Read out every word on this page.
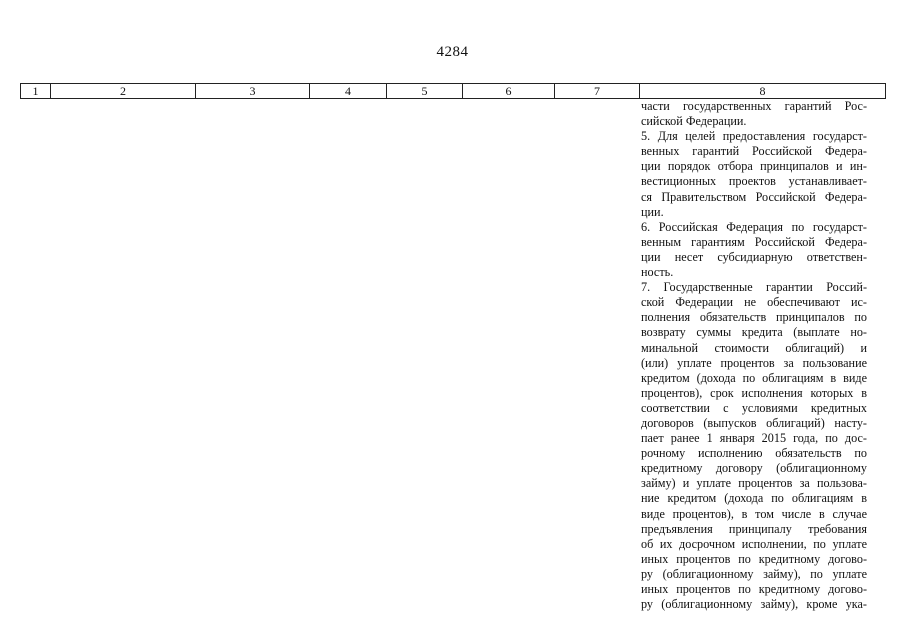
4284
1	2	3	4	5	6	7	8
части государственных гарантий Рос-
сийской Федерации.
5. Для целей предоставления государст-
венных гарантий Российской Федера-
ции порядок отбора принципалов и ин-
вестиционных проектов устанавливает-
ся Правительством Российской Федера-
ции.
6. Российская Федерация по государст-
венным гарантиям Российской Федера-
ции несет субсидиарную ответствен-
ность.
7. Государственные гарантии Россий-
ской Федерации не обеспечивают ис-
полнения обязательств принципалов по
возврату суммы кредита (выплате но-
минальной стоимости облигаций) и
(или) уплате процентов за пользование
кредитом (дохода по облигациям в виде
процентов), срок исполнения которых в
соответствии с условиями кредитных
договоров (выпусков облигаций) насту-
пает ранее 1 января 2015 года, по дос-
рочному исполнению обязательств по
кредитному договору (облигационному
займу) и уплате процентов за пользова-
ние кредитом (дохода по облигациям в
виде процентов), в том числе в случае
предъявления принципалу требования
об их досрочном исполнении, по уплате
иных процентов по кредитному догово-
ру (облигационному займу), по уплате
иных процентов по кредитному догово-
ру (облигационному займу), кроме ука-
